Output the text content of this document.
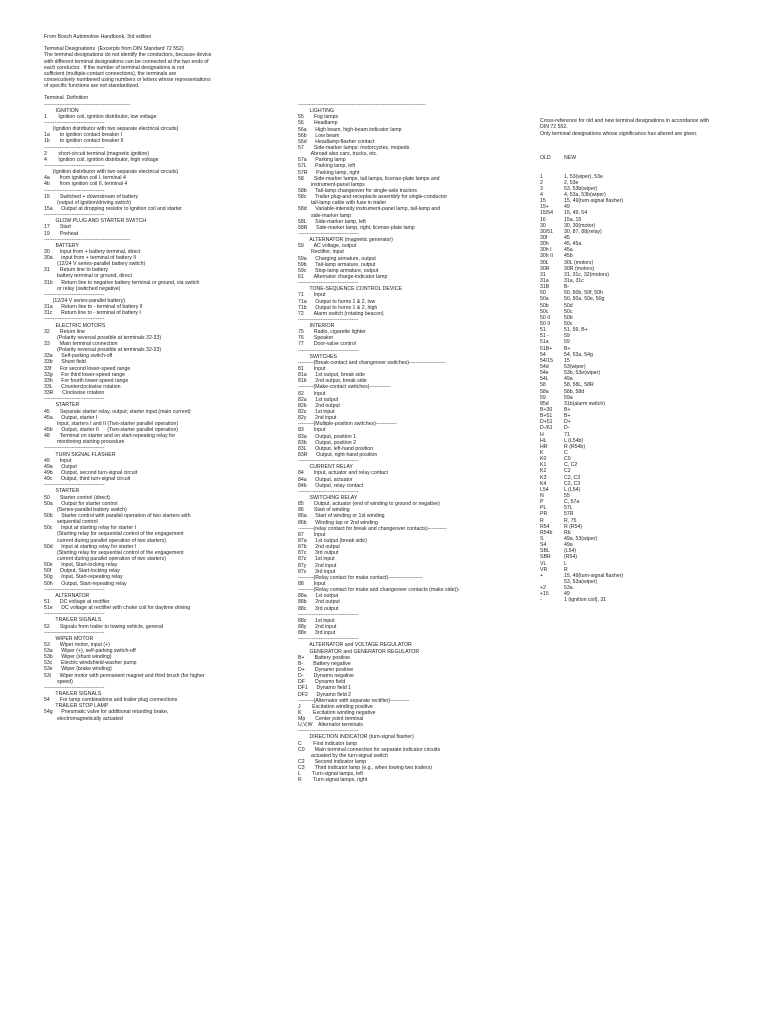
From Bosch Automotive Handbook, 3rd edition
Terminal Designations  (Excerpts from DIN Standard 72 552)
The terminal designations do not identify the conductors, because device
with different terminal designations can be connected at the two ends of
each conductor.  If the number of terminal designations is not
sufficient (multiple-contact connections), the terminals are
consecutively numbered using numbers or letters whose representations
of specific functions are not standardized.
Terminal  Definition
--------------------------------------------------
IGNITION
1        Ignition coil, ignition distributor, low voltage
-----------------------------------
(Ignition distributor with two separate electrical circuits)
1a       to ignition contact breaker I
1b       to ignition contact breaker II
-----------------------------------
2        short-circuit terminal (magnetic ignition)
4        Ignition coil, ignition distributor, high voltage
-----------------------------------
(Ignition distributor with two separate electrical circuits)
4a       from ignition coil I, terminal 4
4b       from ignition coil II, terminal 4
-----------------------------------
15       Switched + downstream of battery
(output of ignition/driving switch)
15a      Output at dropping resistor to ignition coil and starter
-----------------------------------
GLOW PLUG AND STARTER SWITCH
17       Start
19       Preheat
--------------------------------------------------
BATTERY
30       Input from + battery terminal, direct
30a      input from + terminal of battery II
(12/24 V series-parallel battery switch)
31       Return line to battery
battery terminal or ground, direct
31b      Return line to negative battery terminal or ground, via switch
or relay (switched negative)
-----------------------------------
(12/24 V series-parallel battery)
31a      Return line to - terminal of battery II
31c      Return line to - terminal of battery I
-----------------------------------
ELECTRIC MOTORS
32       Return line
(Polarity reversal possible at terminals 32-33)
33       Main terminal connection
(Polarity reversal possible at terminals 32-33)
33a      Self-parking switch-off
33b      Shunt field
33f      For second lower-speed range
33g      For third lower-speed range
33h      For fourth lower-speed range
33L      Counterclockwise rotation
33R      Clockwise rotation
-----------------------------------
STARTER
45       Separate starter relay, output; starter input (main current)
45a      Output, starter I
Input, starters I and II (Two-starter parallel operation)
45b      Output, starter II      (Two-starter parallel operation)
48       Terminal on starter and on start-repeating relay for
monitoring starting procedure
-----------------------------------
TURN SIGNAL FLASHER
49       Input
49a      Output
49b      Output, second turn-signal circuit
49c      Output, third turn-signal circuit
-----------------------------------
STARTER
50       Starter control (direct)
50a      Output for starter control
(Series-parallel battery switch)
50b      Starter control with parallel operation of two starters with
sequential control
50c      Input at starting relay for starter I
(Starting relay for sequential control of the engagement
current during parallel operation of two starters)
50d      Input at starting relay for starter I
(Starting relay for sequential control of the engagement
current during parallel operation of two starters)
50e      Input, Start-locking relay
50f      Output, Start-locking relay
50g      Input, Start-repeating relay
50h      Output, Start-repeating relay
-----------------------------------
ALTERNATOR
51       DC voltage at rectifier
51e      DC voltage at rectifier with choke coil for daytime driving
-----------------------------------
TRAILER SIGNALS
52       Signals from trailer to towing vehicle, general
-----------------------------------
WIPER MOTOR
53       Wiper motor, input (+)
53a      Wiper (+), self-parking switch-off
53b      Wiper (shunt winding)
53c      Electric windshield-washer pump
53e      Wiper (brake winding)
53i      Wiper motor with permanent magnet and third brush (for higher
speed)
-----------------------------------
TRAILER SIGNALS
54       For lamp combinations and trailer plug connections
TRAILER STOP LAMP
54g      Pneumatic valve for additional retarding brake,
electromagnetically actuated
--------------------------------------------------------------------------
LIGHTING
55       Fog lamps
56       Headlamp
56a      High beam, high-beam indicator lamp
56b      Low beam
56d      Headlamp-flasher contact
57       Side-marker lamps: motorcycles, mopeds.
Abroad also cars, trucks, etc.
57a      Parking lamp
57L      Parking lamp, left
57R      Parking lamp, right
58       Side-marker lamps, tail lamps, license-plate lamps and
instrument-panel lamps
58b      Tail-lamp changeover for single-axle tractors
58c      Trailer plug-and-receptacle assembly for single-conductor
tail-lamp cable with fuse in trailer
58d      Variable-intensity instrument-panel lamp, tail-lamp and
side-marker lamp
58L      Side-marker lamp, left
58R      Side-marker lamp, right, license-plate lamp
-----------------------------------
ALTERNATOR (magnetic generator)
59       AC voltage, output
Rectifier, input
59a      Charging armature, output
59b      Tail-lamp armature, output
59c      Stop-lamp armature, output
61       Alternator charge-indicator lamp
-----------------------------------
TONE-SEQUENCE CONTROL DEVICE
71       Input
71a      Output to horns 1 & 2, low
71b      Output to horns 1 & 2, high
72       Alarm switch (rotating beacon)
-----------------------------------
INTERIOR
75       Radio, cigarette lighter
76       Speaker
77       Door-valve control
-----------------------------------
SWITCHES
---------(Break-contact and changeover switches)---------------------
81       Input
81a      1st output, break side
81b      2nd output, break side
---------(Make-contact switches)------------
82       Input
82a      1st output
82b      2nd output
82z      1st input
82y      2nd input
---------(Multiple-position switches)------------
83       Input
83a      Output, position 1
83b      Output, position 2
83L      Output, left-hand position
83R      Output, right-hand position
-----------------------------------
CURRENT RELAY
84       Input, actuator and relay contact
84a      Output, actuator
84b      Output, relay contact
-----------------------------------
SWITCHING RELAY
85       Output, actuator (end of winding to ground or negative)
86       Start of winding
86a      Start of winding or 1st winding
86b      Winding tap or 2nd winding
---------(relay contact for break and changeover contacts)-----------
87       Input
87a      1st output (break side)
87b      2nd output
87c      3rd output
87z      1st input
87y      2nd input
87x      3rd input
---------(Relay contact for make contact)--------------------
88       Input
---------(Relay contact for make and changeover contacts (make side))-
88a      1st output
88b      2nd output
88c      3rd output
-----------------------------------
88z      1st input
88y      2nd input
88x      3rd input
-----------------------------------
ALTERNATOR and VOLTAGE REGULATOR
GENERATOR and GENERATOR REGULATOR
B+       Battery positive
B-       Battery negative
D+       Dynamo positive
D-       Dynamo negative
DF       Dynamo field
DF1      Dynamo field 1
DF2      Dynamo field 2
---------(Alternator with separate rectifier)-----------
J        Excitation winding positive
K        Excitation winding negative
Mp       Center point terminal
U,V,W    Alternator terminals
-----------------------------------
DIRECTION INDICATOR (turn-signal flasher)
C        First indicator lamp
C0       Main terminal connection for separate indicator circuits
actuated by the turn-signal switch
C2       Second indicator lamp
C3       Third indicator lamp (e.g., when towing two trailers)
L        Turn-signal lamps, left
R        Turn-signal lamps, right

Cross-reference for old and new terminal designations in accordance with
DIN 72 552.
Only terminal designations whose significance has altered are given.

OLD	NEW

1	1, 53(wiper), 53e
2	2, 53e
3	53, 53b(wiper)
4	4, 53a, 53b(wiper)
15	15, 49(turn-signal flasher)
15+	49
15/54	15, 49, 54
16	15a, 15
30	30, 30(motor)
30/51	30, 87, 88(relay)
30f	45
30h	45, 45a
30h I	45a
30h II	45b
30L	30L (motors)
30R	30R (motors)
31	31, 31c, 32(motors)
31a	31a, 31c
31B	B-
50	50, 50b, 50f, 50h
50a	50, 50a, 50e, 50g
50b	50d
50c	50c
50 II	50b
50 II	50c
51	51, 59, B+
51 -	59
51a	59
51B+	B+
54	54, 53a, 54g
54/15	15
54d	53(wiper)
54e	53b, 53e(wiper)
54L	49a
58	58, 58L, 58R
58a	58b, 58d
59	59a
85d	31b(alarm switch)
B+30	B+
B+51	B+
D+51	D+
D-/61	D-
H	71
HL	L (L54b)
HR	R (R54b)
K	C
K0	C0
K1	C, C2
K2	C2
K3	C2, C3
K4	C2, C3
L54	L (L54)
N	55
P	C, 57a
PL	57L
PR	57R
R	R, 75
R54	R (R54)
R54b	Rb
S	49a, 53(wiper)
S4	49a
SBL	(L54)
SBR	(R54)
VL	L
VR	R
+	15, 49(turn-signal flasher)
53, 53a(wiper)
+2	53a
+15	49
-	1 (ignition coil), 31
